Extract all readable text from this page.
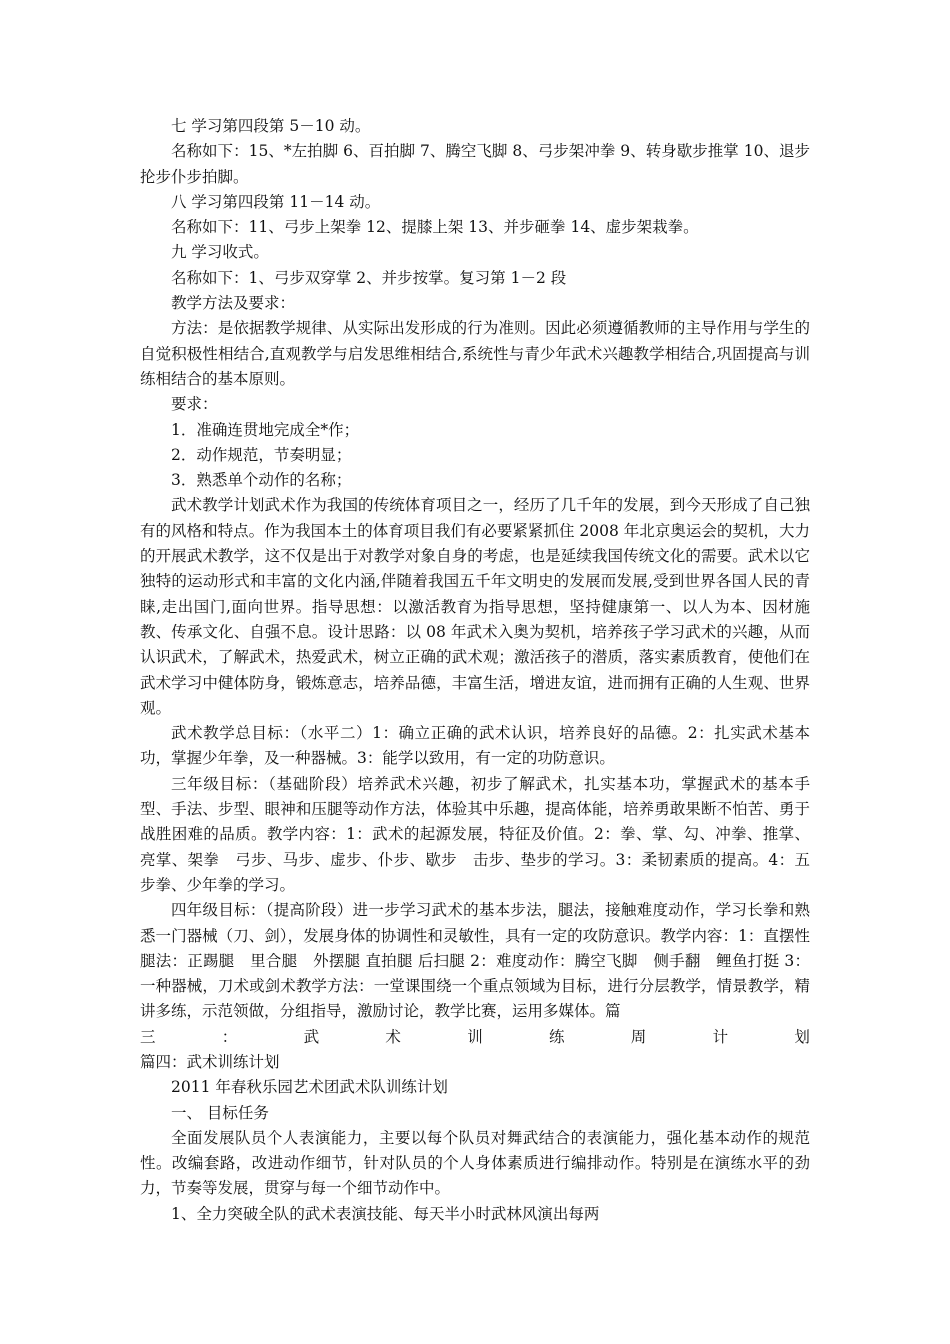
七 学习第四段第 5－10 动。

名称如下：15、*左拍脚 6、百拍脚 7、腾空飞脚 8、弓步架冲拳 9、转身歇步推掌 10、退步抡步仆步拍脚。

八 学习第四段第 11－14 动。

名称如下：11、弓步上架拳 12、提膝上架 13、并步砸拳 14、虚步架栽拳。

九 学习收式。

名称如下：1、弓步双穿掌 2、并步按掌。复习第 1－2 段

教学方法及要求：

方法：是依据教学规律、从实际出发形成的行为准则。因此必须遵循教师的主导作用与学生的自觉积极性相结合,直观教学与启发思维相结合,系统性与青少年武术兴趣教学相结合,巩固提高与训练相结合的基本原则。

要求：

1．准确连贯地完成全*作；

2．动作规范，节奏明显；

3．熟悉单个动作的名称；

武术教学计划武术作为我国的传统体育项目之一，经历了几千年的发展，到今天形成了自己独有的风格和特点。作为我国本土的体育项目我们有必要紧紧抓住 2008 年北京奥运会的契机，大力的开展武术教学，这不仅是出于对教学对象自身的考虑，也是延续我国传统文化的需要。武术以它独特的运动形式和丰富的文化内涵,伴随着我国五千年文明史的发展而发展,受到世界各国人民的青睐,走出国门,面向世界。指导思想：以激活教育为指导思想，坚持健康第一、以人为本、因材施教、传承文化、自强不息。设计思路：以 08 年武术入奥为契机，培养孩子学习武术的兴趣，从而认识武术，了解武术，热爱武术，树立正确的武术观；激活孩子的潜质，落实素质教育，使他们在武术学习中健体防身，锻炼意志，培养品德，丰富生活，增进友谊，进而拥有正确的人生观、世界观。

武术教学总目标：（水平二）1：确立正确的武术认识，培养良好的品德。2：扎实武术基本功，掌握少年拳，及一种器械。3：能学以致用，有一定的功防意识。

三年级目标：（基础阶段）培养武术兴趣，初步了解武术，扎实基本功，掌握武术的基本手型、手法、步型、眼神和压腿等动作方法，体验其中乐趣，提高体能，培养勇敢果断不怕苦、勇于战胜困难的品质。教学内容：1：武术的起源发展，特征及价值。2：拳、掌、勾、冲拳、推掌、亮掌、架拳　弓步、马步、虚步、仆步、歇步　击步、垫步的学习。3：柔韧素质的提高。4：五步拳、少年拳的学习。

四年级目标：（提高阶段）进一步学习武术的基本步法，腿法，接触难度动作，学习长拳和熟悉一门器械（刀、剑），发展身体的协调性和灵敏性，具有一定的攻防意识。教学内容：1：直摆性腿法：正踢腿　里合腿　外摆腿 直拍腿 后扫腿 2：难度动作：腾空飞脚　侧手翻　鲤鱼打挺 3：一种器械，刀术或剑术教学方法：一堂课围绕一个重点领域为目标，进行分层教学，情景教学，精讲多练，示范领做，分组指导，激励讨论，教学比赛，运用多媒体。篇

三	：	武	术	训	练	周	计	划

篇四：武术训练计划

2011 年春秋乐园艺术团武术队训练计划

一、 目标任务

全面发展队员个人表演能力，主要以每个队员对舞武结合的表演能力，强化基本动作的规范性。改编套路，改进动作细节，针对队员的个人身体素质进行编排动作。特别是在演练水平的劲力，节奏等发展，贯穿与每一个细节动作中。

1、全力突破全队的武术表演技能、每天半小时武林风演出每两
